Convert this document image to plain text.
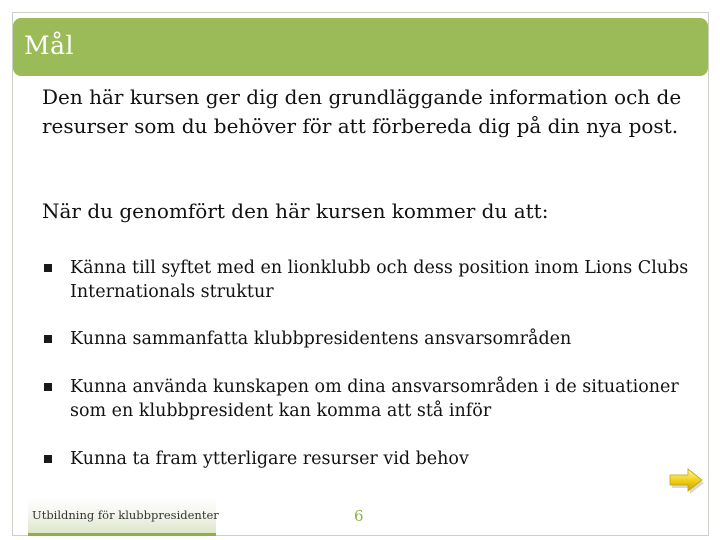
Mål
Den här kursen ger dig den grundläggande information och de resurser som du behöver för att förbereda dig på din nya post.
När du genomfört den här kursen kommer du att:
Känna till syftet med en lionklubb och dess position inom Lions Clubs Internationals struktur
Kunna sammanfatta klubbpresidentens ansvarsområden
Kunna använda kunskapen om dina ansvarsområden i de situationer som en klubbpresident kan komma att stå inför
Kunna ta fram ytterligare resurser vid behov
Utbildning för klubbpresidenter	6
